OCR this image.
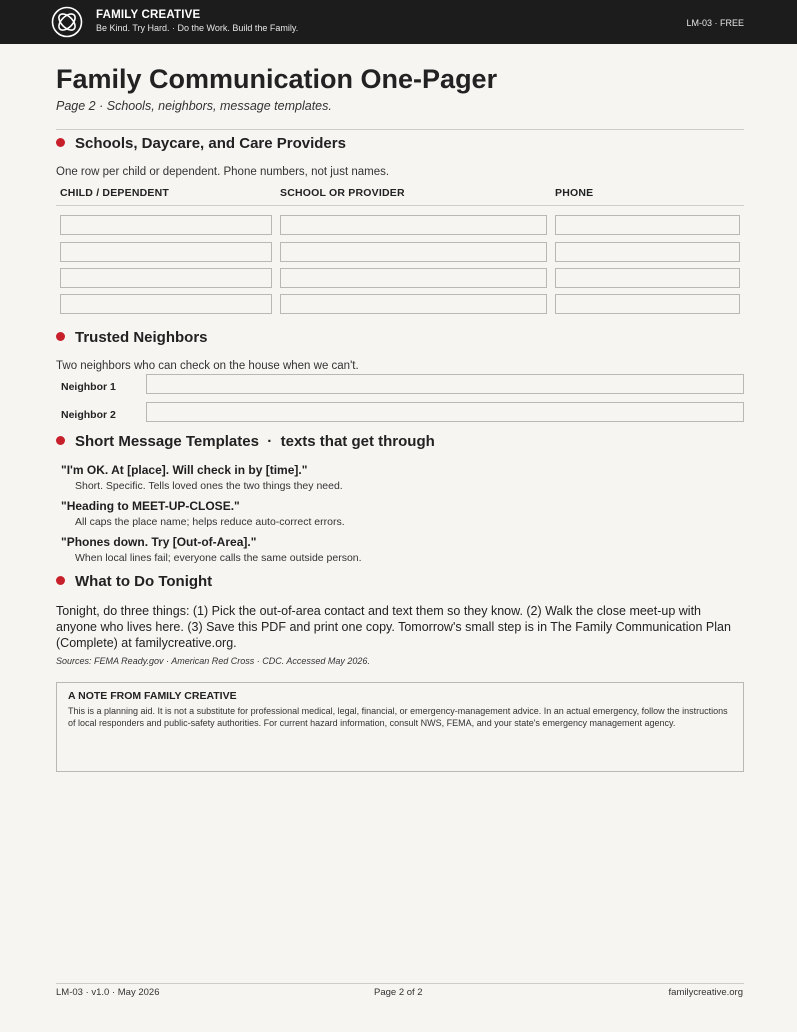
FAMILY CREATIVE
Be Kind. Try Hard. · Do the Work. Build the Family.	LM-03 · FREE
Family Communication One-Pager
Page 2 · Schools, neighbors, message templates.
Schools, Daycare, and Care Providers
One row per child or dependent. Phone numbers, not just names.
CHILD / DEPENDENT	SCHOOL OR PROVIDER	PHONE
Trusted Neighbors
Two neighbors who can check on the house when we can't.
Neighbor 1
Neighbor 2
Short Message Templates  ·  texts that get through
"I'm OK. At [place]. Will check in by [time]."
Short. Specific. Tells loved ones the two things they need.
"Heading to MEET-UP-CLOSE."
All caps the place name; helps reduce auto-correct errors.
"Phones down. Try [Out-of-Area]."
When local lines fail; everyone calls the same outside person.
What to Do Tonight
Tonight, do three things: (1) Pick the out-of-area contact and text them so they know. (2) Walk the close meet-up with anyone who lives here. (3) Save this PDF and print one copy. Tomorrow's small step is in The Family Communication Plan (Complete) at familycreative.org.
Sources: FEMA Ready.gov · American Red Cross · CDC. Accessed May 2026.
A NOTE FROM FAMILY CREATIVE
This is a planning aid. It is not a substitute for professional medical, legal, financial, or emergency-management advice. In an actual emergency, follow the instructions of local responders and public-safety authorities. For current hazard information, consult NWS, FEMA, and your state's emergency management agency.
LM-03 · v1.0 · May 2026	Page 2 of 2	familycreative.org
